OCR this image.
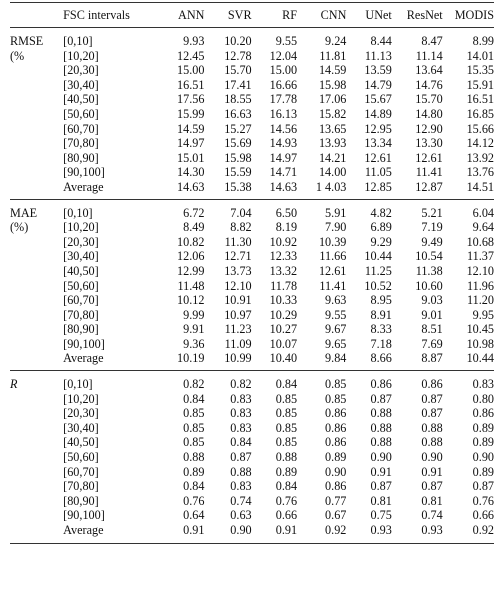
	FSC intervals	ANN	SVR	RF	CNN	UNet	ResNet	MODIS
RMSE	[0,10]	9.93	10.20	9.55	9.24	8.44	8.47	8.99
(%	[10,20]	12.45	12.78	12.04	11.81	11.13	11.14	14.01
	[20,30]	15.00	15.70	15.00	14.59	13.59	13.64	15.35
	[30,40]	16.51	17.41	16.66	15.98	14.79	14.76	15.91
	[40,50]	17.56	18.55	17.78	17.06	15.67	15.70	16.51
	[50,60]	15.99	16.63	16.13	15.82	14.89	14.80	16.85
	[60,70]	14.59	15.27	14.56	13.65	12.95	12.90	15.66
	[70,80]	14.97	15.69	14.93	13.93	13.34	13.30	14.12
	[80,90]	15.01	15.98	14.97	14.21	12.61	12.61	13.92
	[90,100]	14.30	15.59	14.71	14.00	11.05	11.41	13.76
	Average	14.63	15.38	14.63	1 4.03	12.85	12.87	14.51
MAE	[0,10]	6.72	7.04	6.50	5.91	4.82	5.21	6.04
(%)	[10,20]	8.49	8.82	8.19	7.90	6.89	7.19	9.64
	[20,30]	10.82	11.30	10.92	10.39	9.29	9.49	10.68
	[30,40]	12.06	12.71	12.33	11.66	10.44	10.54	11.37
	[40,50]	12.99	13.73	13.32	12.61	11.25	11.38	12.10
	[50,60]	11.48	12.10	11.78	11.41	10.52	10.60	11.96
	[60,70]	10.12	10.91	10.33	9.63	8.95	9.03	11.20
	[70,80]	9.99	10.97	10.29	9.55	8.91	9.01	9.95
	[80,90]	9.91	11.23	10.27	9.67	8.33	8.51	10.45
	[90,100]	9.36	11.09	10.07	9.65	7.18	7.69	10.98
	Average	10.19	10.99	10.40	9.84	8.66	8.87	10.44
R	[0,10]	0.82	0.82	0.84	0.85	0.86	0.86	0.83
	[10,20]	0.84	0.83	0.85	0.85	0.87	0.87	0.80
	[20,30]	0.85	0.83	0.85	0.86	0.88	0.87	0.86
	[30,40]	0.85	0.83	0.85	0.86	0.88	0.88	0.89
	[40,50]	0.85	0.84	0.85	0.86	0.88	0.88	0.89
	[50,60]	0.88	0.87	0.88	0.89	0.90	0.90	0.90
	[60,70]	0.89	0.88	0.89	0.90	0.91	0.91	0.89
	[70,80]	0.84	0.83	0.84	0.86	0.87	0.87	0.87
	[80,90]	0.76	0.74	0.76	0.77	0.81	0.81	0.76
	[90,100]	0.64	0.63	0.66	0.67	0.75	0.74	0.66
	Average	0.91	0.90	0.91	0.92	0.93	0.93	0.92
